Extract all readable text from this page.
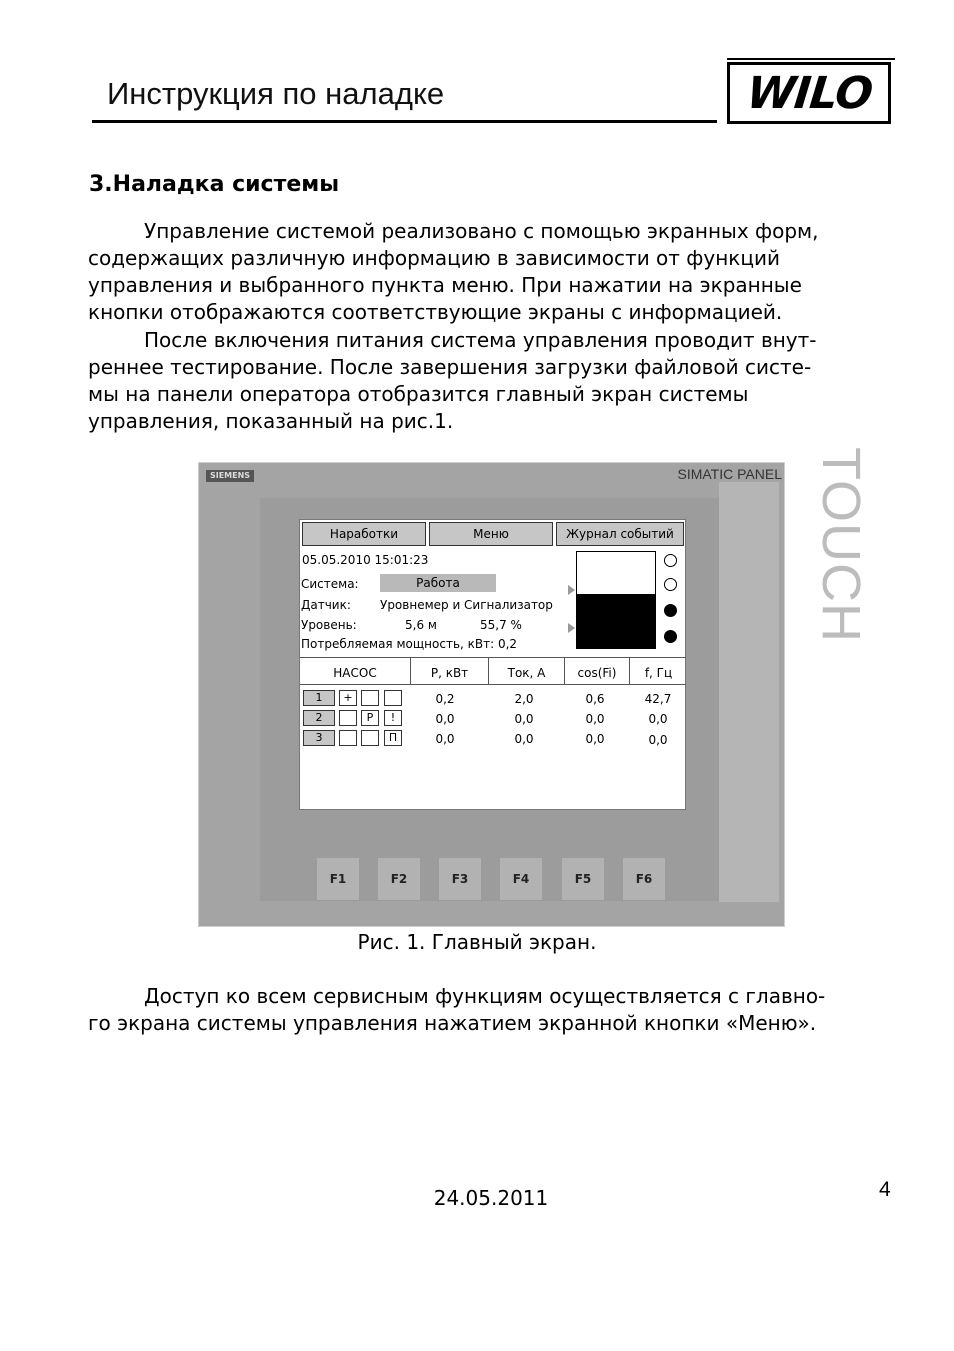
Инструкция по наладке	WILO
3.Наладка системы
Управление системой реализовано с помощью экранных форм,
содержащих различную информацию в зависимости от функций
управления и выбранного пункта меню. При нажатии на экранные
кнопки отображаются соответствующие экраны с информацией.
После включения питания система управления проводит внут-
реннее тестирование. После завершения загрузки файловой систе-
мы на панели оператора отобразится главный экран системы
управления, показанный на рис.1.
SIEMENS	SIMATIC PANEL TOUCH
Наработки	Меню	Журнал событий
05.05.2010 15:01:23
Система:	Работа
Датчик: Уровнемер и Сигнализатор
Уровень:	5,6 м	55,7 %
Потребляемая мощность, кВт: 0,2
НАСОС	P, кВт	Ток, А	cos(Fi)	f, Гц
1	+	0,2	2,0	0,6	42,7
2	Р	!	0,0	0,0	0,0	0,0
3	П	0,0	0,0	0,0	0,0
F1	F2	F3	F4	F5	F6
Рис. 1. Главный экран.
Доступ ко всем сервисным функциям осуществляется с главно-
го экрана системы управления нажатием экранной кнопки «Меню».
24.05.2011	4
